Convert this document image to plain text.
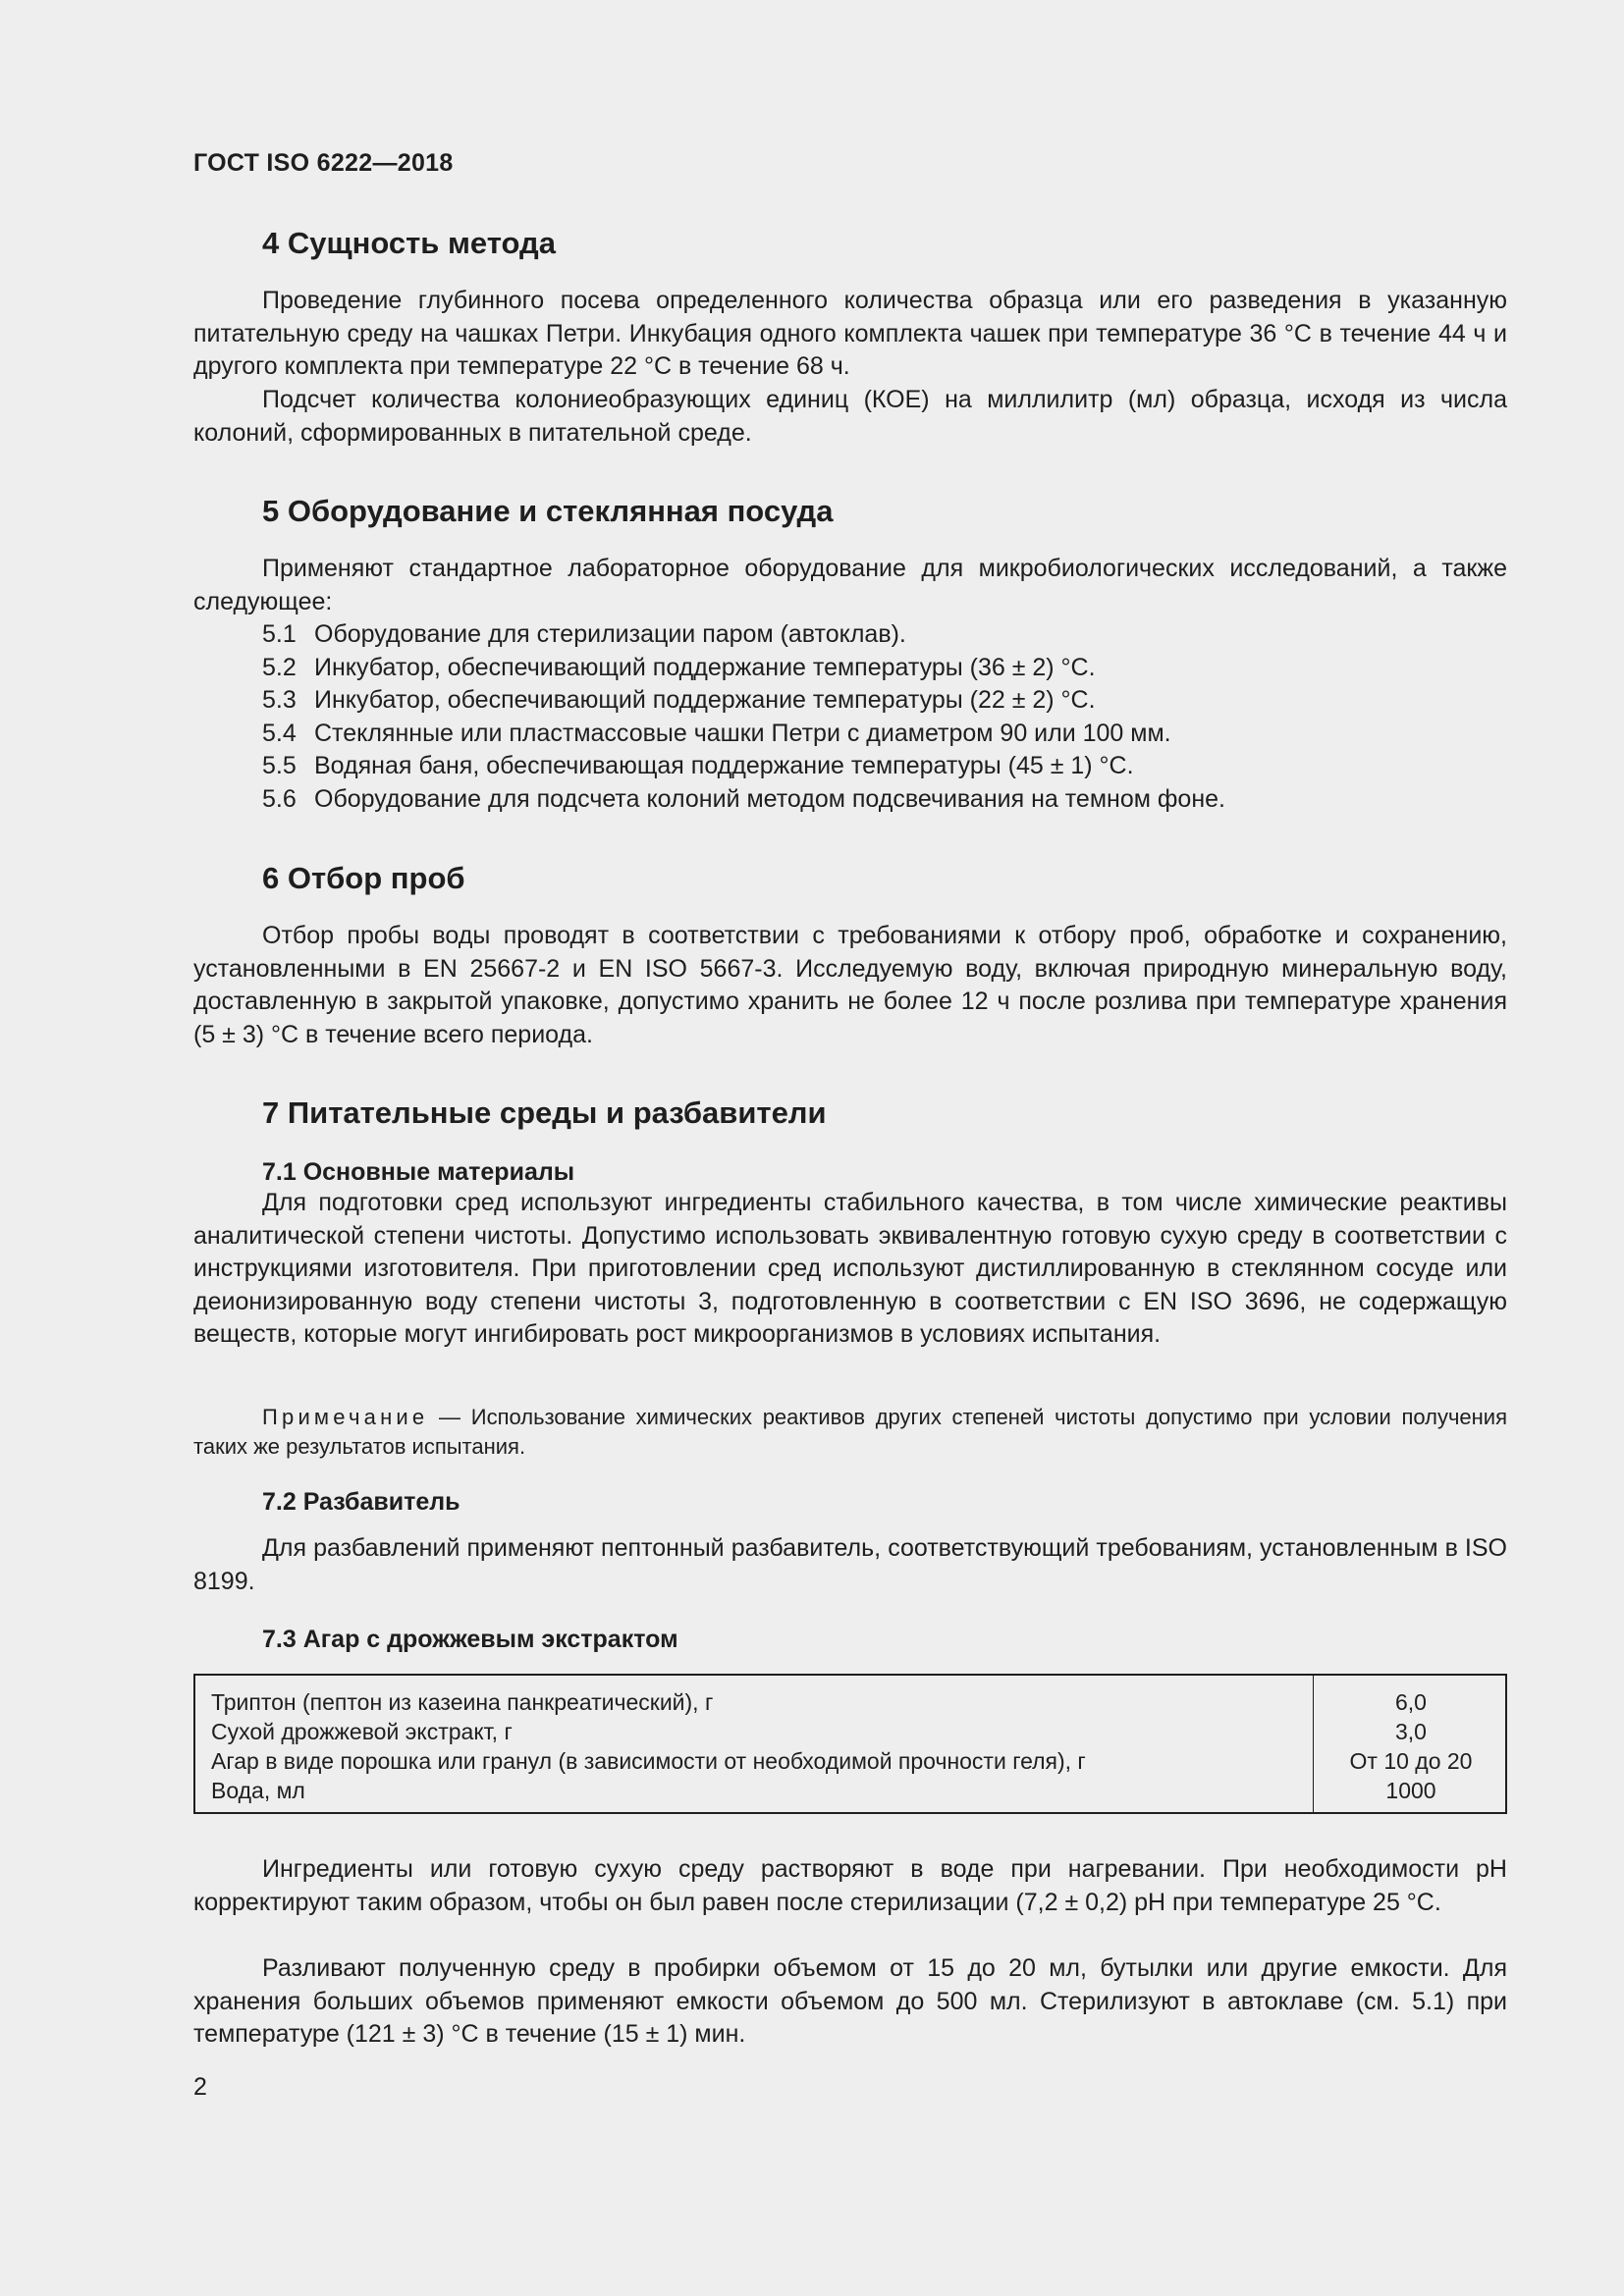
ГОСТ ISO 6222—2018
4 Сущность метода

Проведение глубинного посева определенного количества образца или его разведения в указанную питательную среду на чашках Петри. Инкубация одного комплекта чашек при температуре 36 °С в течение 44 ч и другого комплекта при температуре 22 °С в течение 68 ч.

Подсчет количества колониеобразующих единиц (КОЕ) на миллилитр (мл) образца, исходя из числа колоний, сформированных в питательной среде.

5 Оборудование и стеклянная посуда

Применяют стандартное лабораторное оборудование для микробиологических исследований, а также следующее:

5.1 Оборудование для стерилизации паром (автоклав).
5.2 Инкубатор, обеспечивающий поддержание температуры (36 ± 2) °С.
5.3 Инкубатор, обеспечивающий поддержание температуры (22 ± 2) °С.
5.4 Стеклянные или пластмассовые чашки Петри с диаметром 90 или 100 мм.
5.5 Водяная баня, обеспечивающая поддержание температуры (45 ± 1) °С.
5.6 Оборудование для подсчета колоний методом подсвечивания на темном фоне.
6 Отбор проб

Отбор пробы воды проводят в соответствии с требованиями к отбору проб, обработке и сохранению, установленными в EN 25667-2 и EN ISO 5667-3. Исследуемую воду, включая природную минеральную воду, доставленную в закрытой упаковке, допустимо хранить не более 12 ч после розлива при температуре хранения (5 ± 3) °С в течение всего периода.

7 Питательные среды и разбавители
7.1 Основные материалы

Для подготовки сред используют ингредиенты стабильного качества, в том числе химические реактивы аналитической степени чистоты. Допустимо использовать эквивалентную готовую сухую среду в соответствии с инструкциями изготовителя. При приготовлении сред используют дистиллированную в стеклянном сосуде или деионизированную воду степени чистоты 3, подготовленную в соответствии с EN ISO 3696, не содержащую веществ, которые могут ингибировать рост микроорганизмов в условиях испытания.

Примечание — Использование химических реактивов других степеней чистоты допустимо при условии получения таких же результатов испытания.

7.2 Разбавитель

Для разбавлений применяют пептонный разбавитель, соответствующий требованиям, установленным в ISO 8199.

7.3 Агар с дрожжевым экстрактом
Триптон (пептон из казеина панкреатический), г	6,0
Сухой дрожжевой экстракт, г	3,0
Агар в виде порошка или гранул (в зависимости от необходимой прочности геля), г	От 10 до 20
Вода, мл	1000

Ингредиенты или готовую сухую среду растворяют в воде при нагревании. При необходимости pH корректируют таким образом, чтобы он был равен после стерилизации (7,2 ± 0,2) pH при температуре 25 °С.

Разливают полученную среду в пробирки объемом от 15 до 20 мл, бутылки или другие емкости. Для хранения больших объемов применяют емкости объемом до 500 мл. Стерилизуют в автоклаве (см. 5.1) при температуре (121 ± 3) °С в течение (15 ± 1) мин.

2
